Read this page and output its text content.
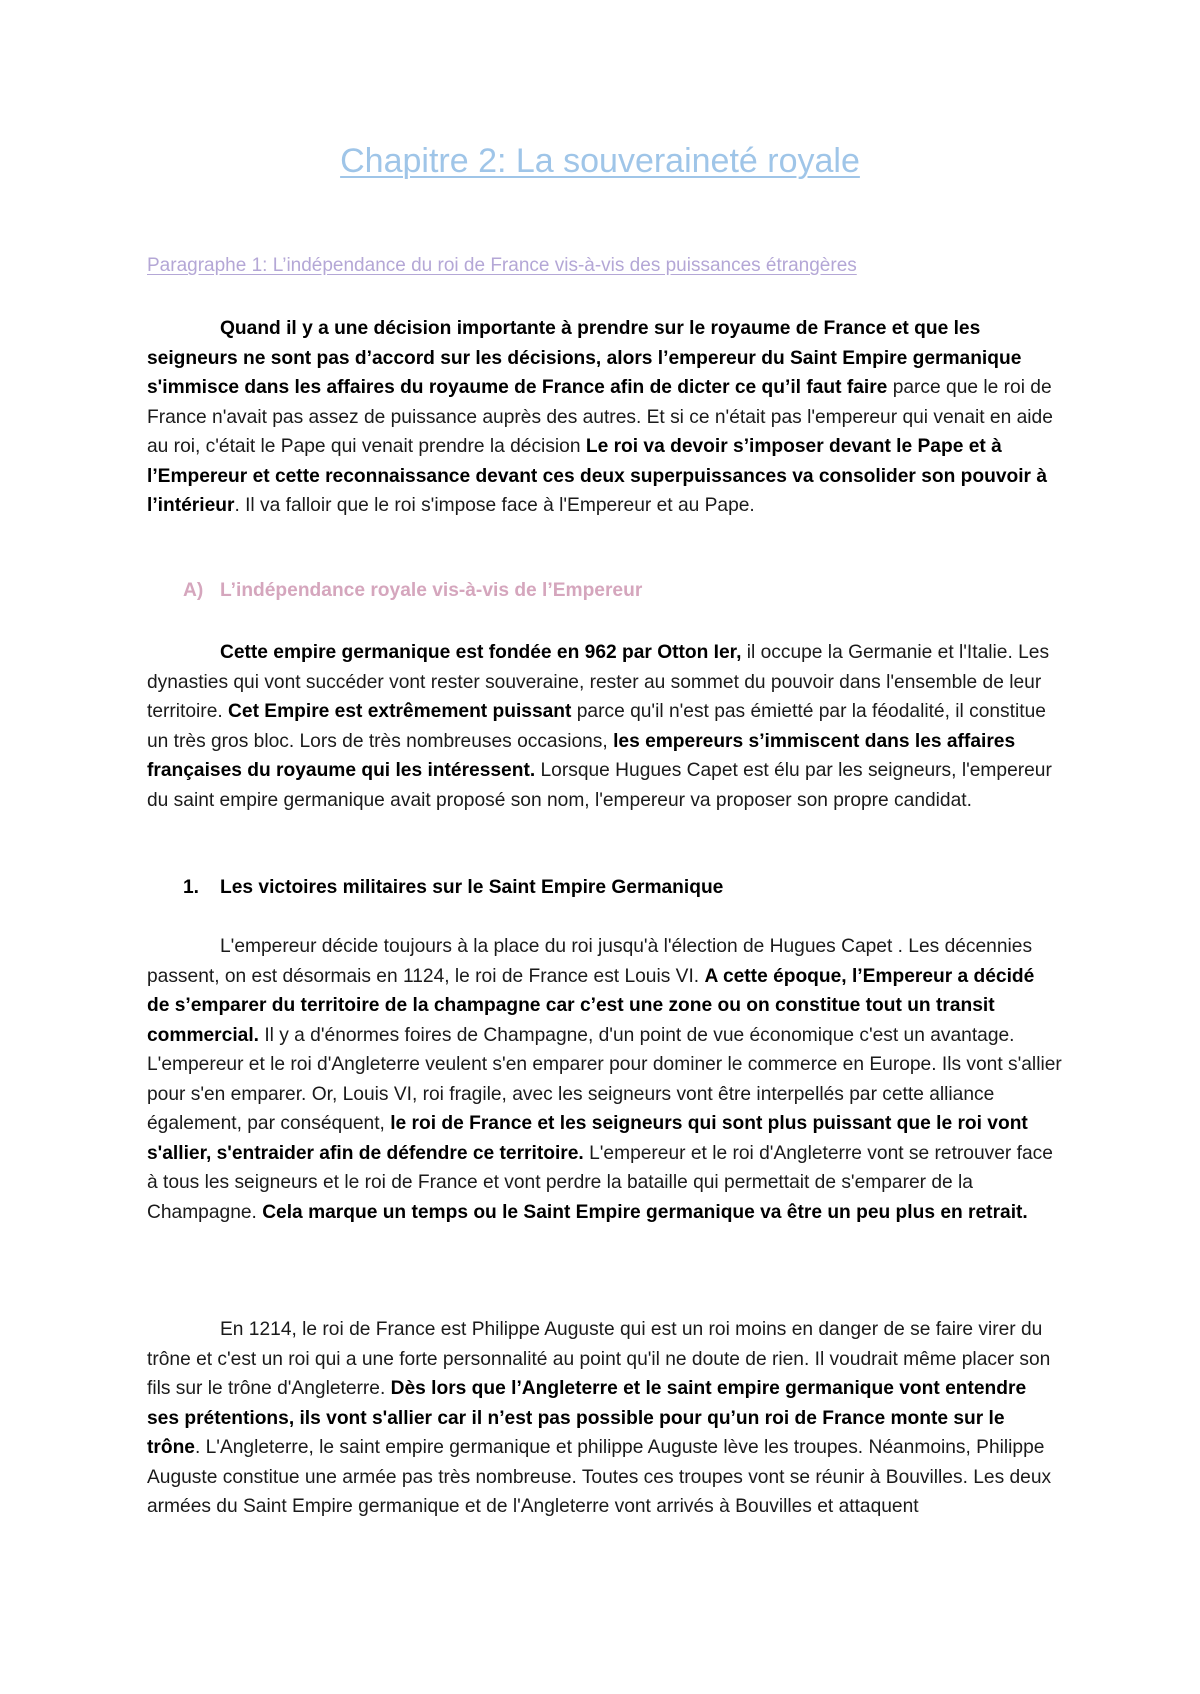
Chapitre 2: La souveraineté royale
Paragraphe 1: L’indépendance du roi de France vis-à-vis des puissances étrangères
Quand il y a une décision importante à prendre sur le royaume de France et que les seigneurs ne sont pas d’accord sur les décisions, alors l’empereur du Saint Empire germanique s'immisce dans les affaires du royaume de France afin de dicter ce qu’il faut faire parce que le roi de France n'avait pas assez de puissance auprès des autres. Et si ce n'était pas l'empereur qui venait en aide au roi, c'était le Pape qui venait prendre la décision Le roi va devoir s’imposer devant le Pape et à l’Empereur et cette reconnaissance devant ces deux superpuissances va consolider son pouvoir à l’intérieur. Il va falloir que le roi s'impose face à l'Empereur et au Pape.
A) L’indépendance royale vis-à-vis de l’Empereur
Cette empire germanique est fondée en 962 par Otton Ier, il occupe la Germanie et l'Italie. Les dynasties qui vont succéder vont rester souveraine, rester au sommet du pouvoir dans l'ensemble de leur territoire. Cet Empire est extrêmement puissant parce qu'il n'est pas émietté par la féodalité, il constitue un très gros bloc. Lors de très nombreuses occasions, les empereurs s’immiscent dans les affaires françaises du royaume qui les intéressent. Lorsque Hugues Capet est élu par les seigneurs, l'empereur du saint empire germanique avait proposé son nom, l'empereur va proposer son propre candidat.
1. Les victoires militaires sur le Saint Empire Germanique
L'empereur décide toujours à la place du roi jusqu'à l'élection de Hugues Capet . Les décennies passent, on est désormais en 1124, le roi de France est Louis VI. A cette époque, l’Empereur a décidé de s’emparer du territoire de la champagne car c’est une zone ou on constitue tout un transit commercial. Il y a d'énormes foires de Champagne, d'un point de vue économique c'est un avantage. L'empereur et le roi d'Angleterre veulent s'en emparer pour dominer le commerce en Europe. Ils vont s'allier pour s'en emparer. Or, Louis VI, roi fragile, avec les seigneurs vont être interpellés par cette alliance également, par conséquent, le roi de France et les seigneurs qui sont plus puissant que le roi vont s'allier, s'entraider afin de défendre ce territoire. L'empereur et le roi d'Angleterre vont se retrouver face à tous les seigneurs et le roi de France et vont perdre la bataille qui permettait de s'emparer de la Champagne. Cela marque un temps ou le Saint Empire germanique va être un peu plus en retrait.
En 1214, le roi de France est Philippe Auguste qui est un roi moins en danger de se faire virer du trône et c'est un roi qui a une forte personnalité au point qu'il ne doute de rien. Il voudrait même placer son fils sur le trône d'Angleterre. Dès lors que l’Angleterre et le saint empire germanique vont entendre ses prétentions, ils vont s'allier car il n’est pas possible pour qu’un roi de France monte sur le trône. L'Angleterre, le saint empire germanique et philippe Auguste lève les troupes. Néanmoins, Philippe Auguste constitue une armée pas très nombreuse. Toutes ces troupes vont se réunir à Bouvilles. Les deux armées du Saint Empire germanique et de l'Angleterre vont arrivés à Bouvilles et attaquent
